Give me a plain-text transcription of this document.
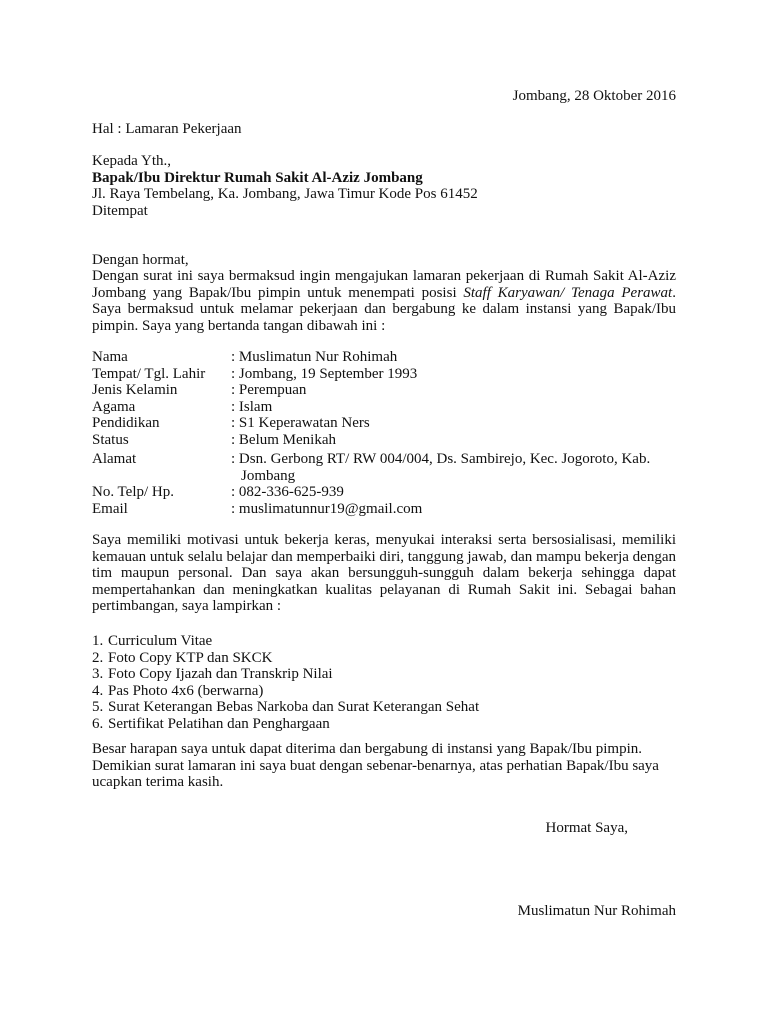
Jombang, 28 Oktober 2016
Hal : Lamaran Pekerjaan
Kepada Yth.,
Bapak/Ibu Direktur Rumah Sakit Al-Aziz Jombang
Jl. Raya Tembelang, Ka. Jombang, Jawa Timur Kode Pos 61452
Ditempat
Dengan hormat,
Dengan surat ini saya bermaksud ingin mengajukan lamaran pekerjaan di Rumah Sakit Al-Aziz Jombang yang Bapak/Ibu pimpin untuk menempati posisi Staff Karyawan/ Tenaga Perawat. Saya bermaksud untuk melamar pekerjaan dan bergabung ke dalam instansi yang Bapak/Ibu pimpin. Saya yang bertanda tangan dibawah ini :
Nama	: Muslimatun Nur Rohimah
Tempat/ Tgl. Lahir	: Jombang, 19 September 1993
Jenis Kelamin	: Perempuan
Agama	: Islam
Pendidikan	: S1 Keperawatan Ners
Status	: Belum Menikah
Alamat	: Dsn. Gerbong RT/ RW 004/004, Ds. Sambirejo, Kec. Jogoroto, Kab.
Jombang
No. Telp/ Hp.	: 082-336-625-939
Email	: muslimatunnur19@gmail.com
Saya memiliki motivasi untuk bekerja keras, menyukai interaksi serta bersosialisasi, memiliki kemauan untuk selalu belajar dan memperbaiki diri, tanggung jawab, dan mampu bekerja dengan tim maupun personal. Dan saya akan bersungguh-sungguh dalam bekerja sehingga dapat mempertahankan dan meningkatkan kualitas pelayanan di Rumah Sakit ini. Sebagai bahan pertimbangan, saya lampirkan :
1. Curriculum Vitae
2. Foto Copy KTP dan SKCK
3. Foto Copy Ijazah dan Transkrip Nilai
4. Pas Photo 4x6 (berwarna)
5. Surat Keterangan Bebas Narkoba dan Surat Keterangan Sehat
6. Sertifikat Pelatihan dan Penghargaan
Besar harapan saya untuk dapat diterima dan bergabung di instansi yang Bapak/Ibu pimpin.
Demikian surat lamaran ini saya buat dengan sebenar-benarnya, atas perhatian Bapak/Ibu saya
ucapkan terima kasih.
Hormat Saya,
Muslimatun Nur Rohimah
